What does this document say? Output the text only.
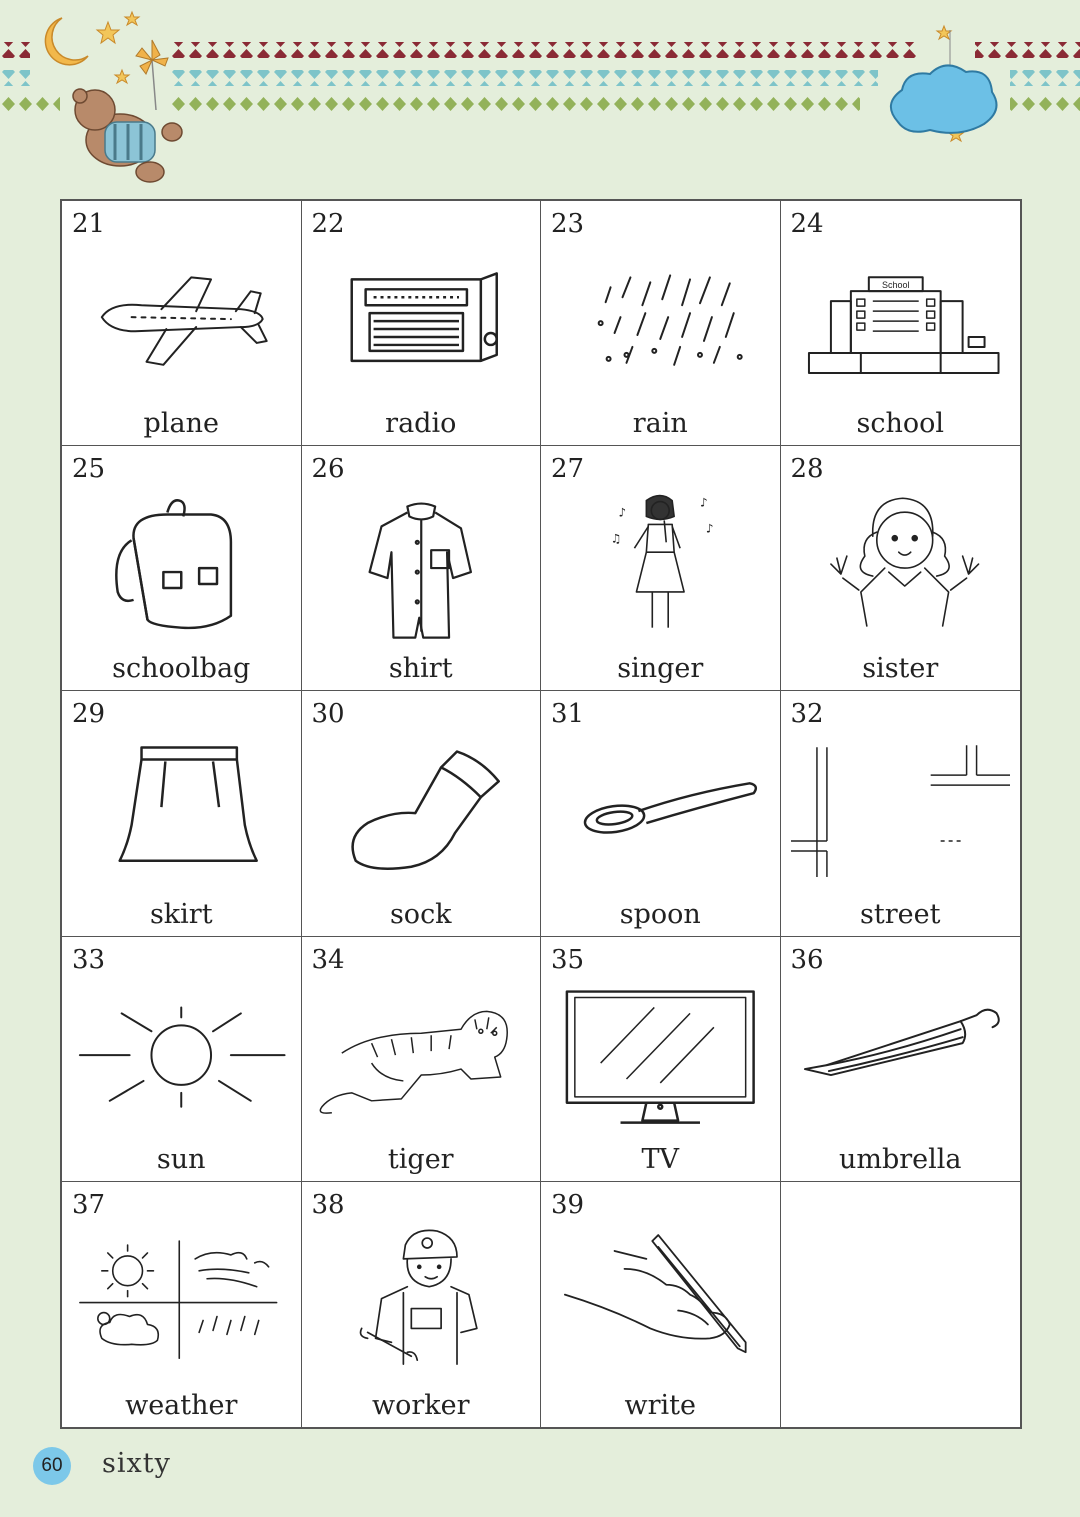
21
plane
22
radio
23
rain
24
School
school
25
schoolbag
26
shirt
27
♪
♪
♫
♪
singer
28
sister
29
skirt
30
sock
31
spoon
32
street
33
sun
34
tiger
35
TV
36
umbrella
37
weather
38
worker
39
write
60 sixty
